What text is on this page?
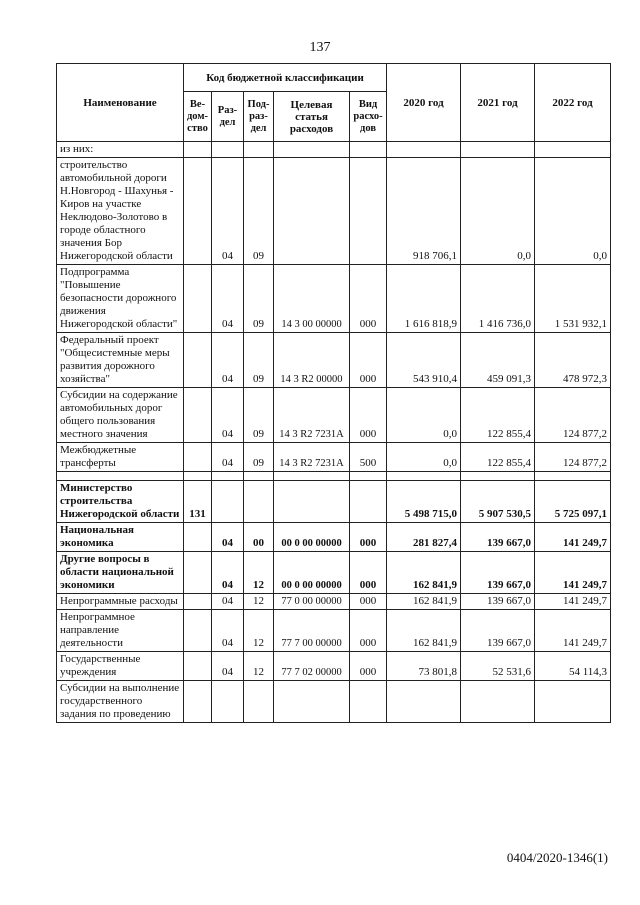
137
Наименование	Код бюджетной классификации					2020 год	2021 год	2022 год
	Ве-дом-ство	Раз-дел	Под-раз-дел	Целевая статья расходов	Вид расхо-дов			
из них:								
строительство автомобильной дороги Н.Новгород - Шахунья - Киров на участке Неклюдово-Золотово в городе областного значения Бор Нижегородской области		04	09			918 706,1	0,0	0,0
Подпрограмма "Повышение безопасности дорожного движения Нижегородской области"		04	09	14 3 00 00000	000	1 616 818,9	1 416 736,0	1 531 932,1
Федеральный проект "Общесистемные меры развития дорожного хозяйства"		04	09	14 3 R2 00000	000	543 910,4	459 091,3	478 972,3
Субсидии на содержание автомобильных дорог общего пользования местного значения		04	09	14 3 R2 7231A	000	0,0	122 855,4	124 877,2
Межбюджетные трансферты		04	09	14 3 R2 7231A	500	0,0	122 855,4	124 877,2

Министерство строительства Нижегородской области	131					5 498 715,0	5 907 530,5	5 725 097,1
Национальная экономика		04	00	00 0 00 00000	000	281 827,4	139 667,0	141 249,7
Другие вопросы в области национальной экономики		04	12	00 0 00 00000	000	162 841,9	139 667,0	141 249,7
Непрограммные расходы		04	12	77 0 00 00000	000	162 841,9	139 667,0	141 249,7
Непрограммное направление деятельности		04	12	77 7 00 00000	000	162 841,9	139 667,0	141 249,7
Государственные учреждения		04	12	77 7 02 00000	000	73 801,8	52 531,6	54 114,3
Субсидии на выполнение государственного задания по проведению								
0404/2020-1346(1)
